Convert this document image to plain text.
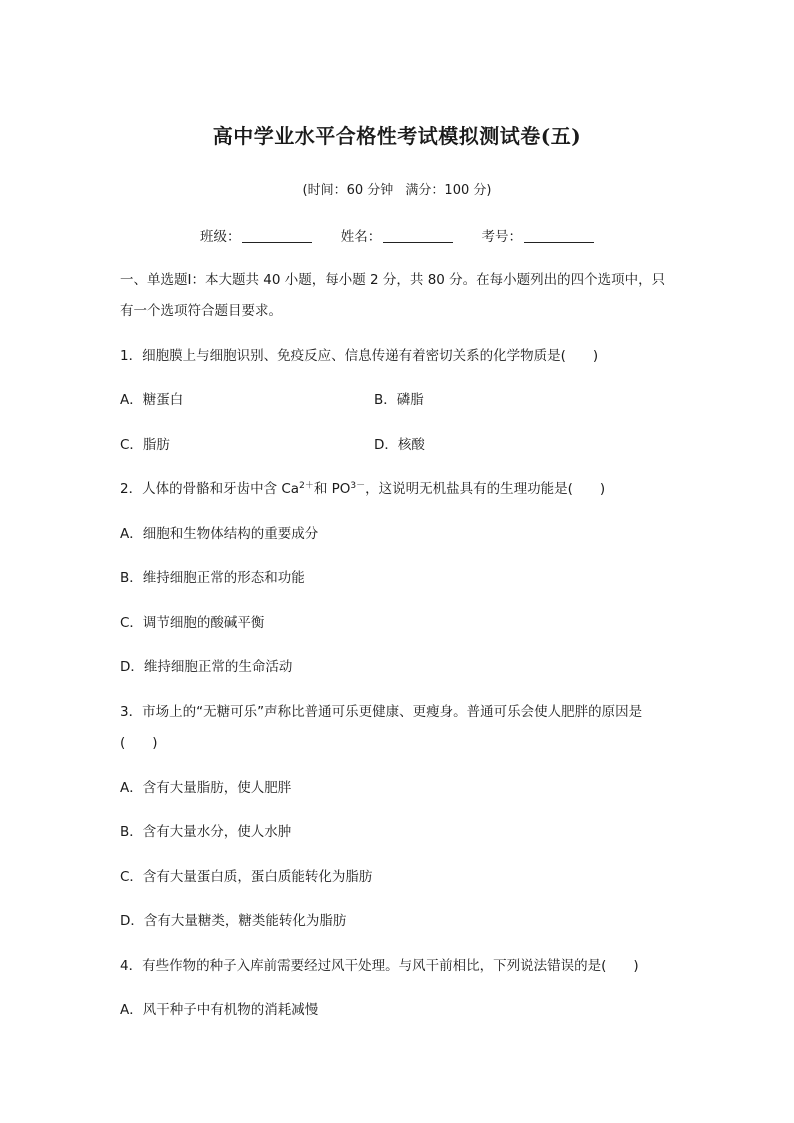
高中学业水平合格性考试模拟测试卷(五)
(时间：60 分钟 满分：100 分)
班级：	姓名：	考号：
一、单选题Ⅰ：本大题共 40 小题，每小题 2 分，共 80 分。在每小题列出的四个选项中，只
有一个选项符合题目要求。
1．细胞膜上与细胞识别、免疫反应、信息传递有着密切关系的化学物质是(　　)
A．糖蛋白	B．磷脂
C．脂肪	D．核酸
2．人体的骨骼和牙齿中含 $Ca^{2+}$和 $PO^{3-}$，这说明无机盐具有的生理功能是(　　)
A．细胞和生物体结构的重要成分
B．维持细胞正常的形态和功能
C．调节细胞的酸碱平衡
D．维持细胞正常的生命活动
3．市场上的“无糖可乐”声称比普通可乐更健康、更瘦身。普通可乐会使人肥胖的原因是
(　　)
A．含有大量脂肪，使人肥胖
B．含有大量水分，使人水肿
C．含有大量蛋白质，蛋白质能转化为脂肪
D．含有大量糖类，糖类能转化为脂肪
4．有些作物的种子入库前需要经过风干处理。与风干前相比，下列说法错误的是(　　)
A．风干种子中有机物的消耗减慢
